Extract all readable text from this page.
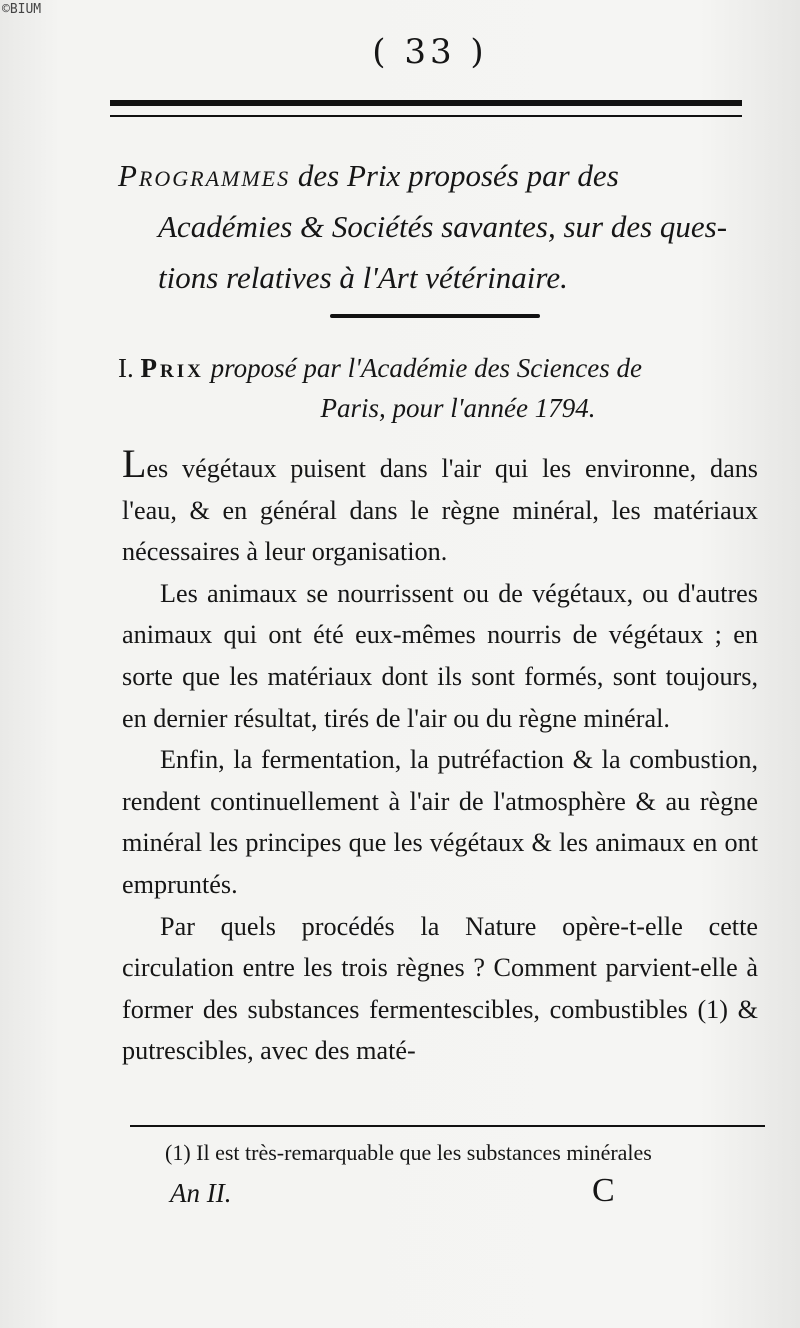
©BIUM
( 33 )
Programmes des Prix proposés par des
Académies & Sociétés savantes, sur des ques-
tions relatives à l'Art vétérinaire.
I. Prix proposé par l'Académie des Sciences de
Paris, pour l'année 1794.

Les végétaux puisent dans l'air qui les environne, dans l'eau, & en général dans le règne minéral, les matériaux nécessaires à leur organisation.

Les animaux se nourrissent ou de végétaux, ou d'autres animaux qui ont été eux-mêmes nourris de végétaux ; en sorte que les matériaux dont ils sont formés, sont toujours, en dernier résultat, tirés de l'air ou du règne minéral.

Enfin, la fermentation, la putréfaction & la combustion, rendent continuellement à l'air de l'atmosphère & au règne minéral les principes que les végétaux & les animaux en ont empruntés.

Par quels procédés la Nature opère-t-elle cette circulation entre les trois règnes ? Comment parvient-elle à former des substances fermentescibles, combustibles (1) & putrescibles, avec des maté-

(1) Il est très-remarquable que les substances minérales
An II.	C
